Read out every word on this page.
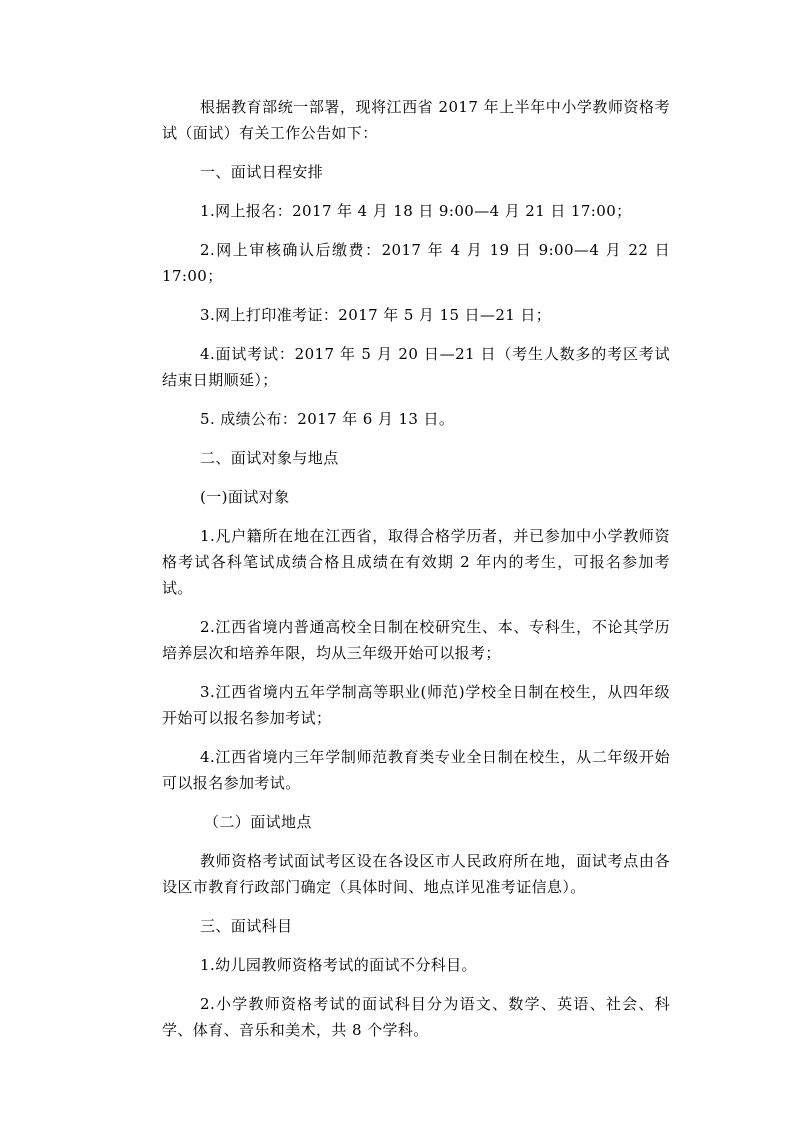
根据教育部统一部署，现将江西省 2017 年上半年中小学教师资格考试（面试）有关工作公告如下：

一、面试日程安排

1.网上报名：2017 年 4 月 18 日 9:00—4 月 21 日 17:00；

2.网上审核确认后缴费：2017 年 4 月 19 日 9:00—4 月 22 日 17:00；

3.网上打印准考证：2017 年 5 月 15 日—21 日；

4.面试考试：2017 年 5 月 20 日—21 日（考生人数多的考区考试结束日期顺延）；

5. 成绩公布：2017 年 6 月 13 日。

二、面试对象与地点

(一)面试对象

1.凡户籍所在地在江西省，取得合格学历者，并已参加中小学教师资格考试各科笔试成绩合格且成绩在有效期 2 年内的考生，可报名参加考试。

2.江西省境内普通高校全日制在校研究生、本、专科生，不论其学历培养层次和培养年限，均从三年级开始可以报考；

3.江西省境内五年学制高等职业(师范)学校全日制在校生，从四年级开始可以报名参加考试；

4.江西省境内三年学制师范教育类专业全日制在校生，从二年级开始可以报名参加考试。

（二）面试地点

教师资格考试面试考区设在各设区市人民政府所在地，面试考点由各设区市教育行政部门确定（具体时间、地点详见准考证信息）。

三、面试科目

1.幼儿园教师资格考试的面试不分科目。

2.小学教师资格考试的面试科目分为语文、数学、英语、社会、科学、体育、音乐和美术，共 8 个学科。
